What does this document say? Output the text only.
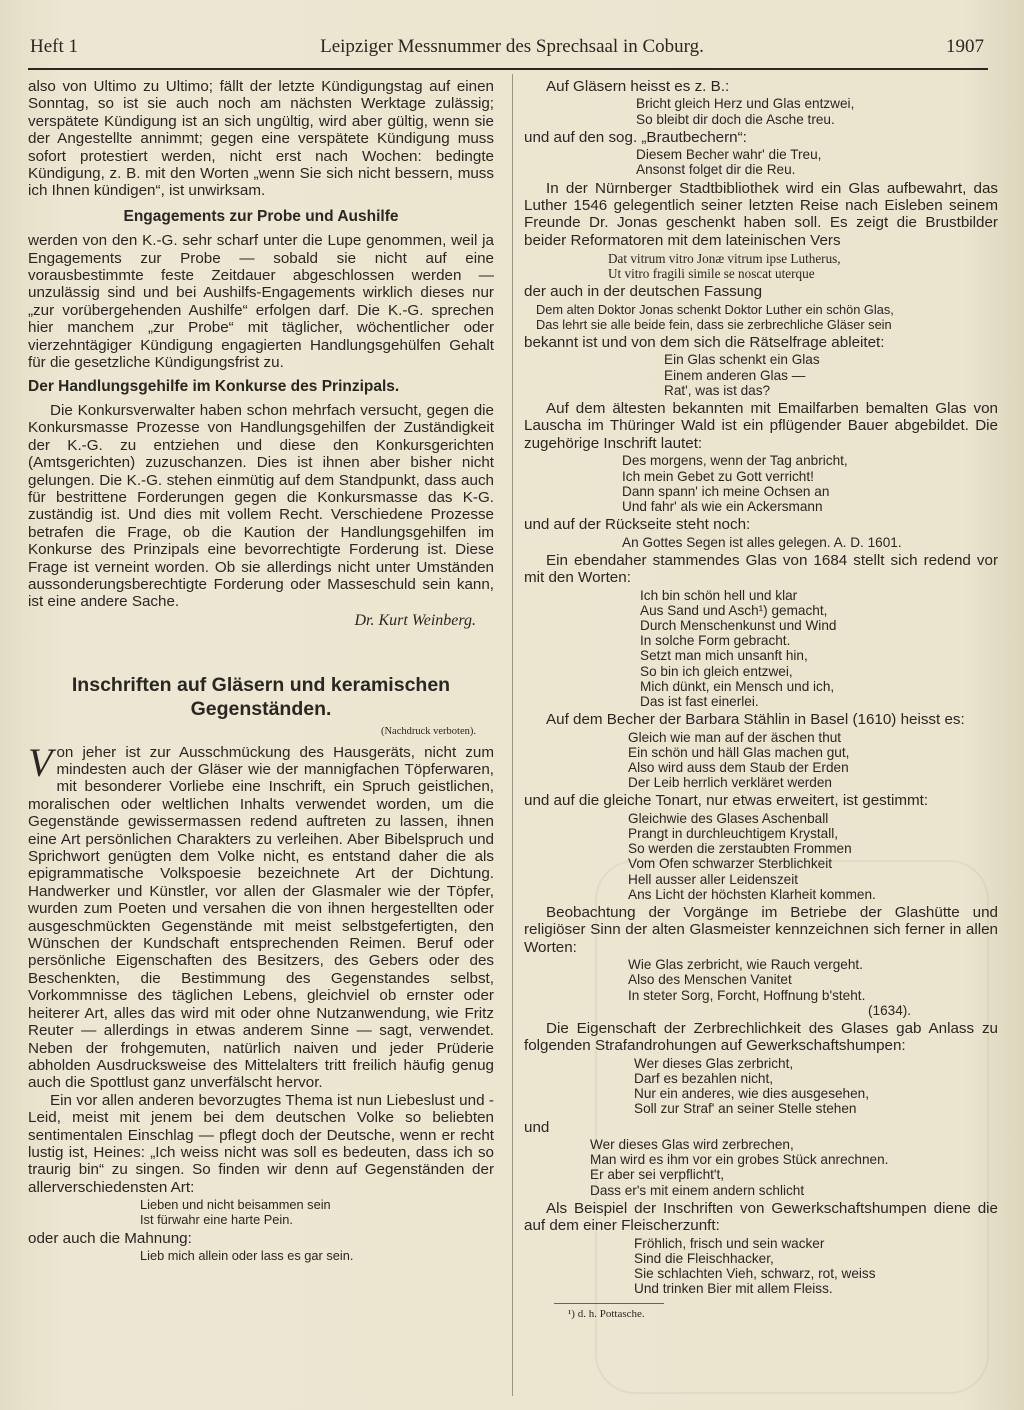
Heft 1	Leipziger Messnummer des Sprechsaal in Coburg.	1907

also von Ultimo zu Ultimo; fällt der letzte Kündigungstag auf einen Sonntag, so ist sie auch noch am nächsten Werktage zulässig; verspätete Kündigung ist an sich ungültig, wird aber gültig, wenn sie der Angestellte annimmt; gegen eine verspätete Kündigung muss sofort protestiert werden, nicht erst nach Wochen: bedingte Kündigung, z. B. mit den Worten „wenn Sie sich nicht bessern, muss ich Ihnen kündigen“, ist unwirksam.

Engagements zur Probe und Aushilfe

werden von den K.-G. sehr scharf unter die Lupe genommen, weil ja Engagements zur Probe — sobald sie nicht auf eine vorausbestimmte feste Zeitdauer abgeschlossen werden — unzulässig sind und bei Aushilfs-Engagements wirklich dieses nur „zur vorübergehenden Aushilfe“ erfolgen darf. Die K.-G. sprechen hier manchem „zur Probe“ mit täglicher, wöchentlicher oder vierzehntägiger Kündigung engagierten Handlungsgehülfen Gehalt für die gesetzliche Kündigungsfrist zu.

Der Handlungsgehilfe im Konkurse des Prinzipals.

Die Konkursverwalter haben schon mehrfach versucht, gegen die Konkursmasse Prozesse von Handlungsgehilfen der Zuständigkeit der K.-G. zu entziehen und diese den Konkursgerichten (Amtsgerichten) zuzuschanzen. Dies ist ihnen aber bisher nicht gelungen. Die K.-G. stehen einmütig auf dem Standpunkt, dass auch für bestrittene Forderungen gegen die Konkursmasse das K-G. zuständig ist. Und dies mit vollem Recht. Verschiedene Prozesse betrafen die Frage, ob die Kaution der Handlungsgehilfen im Konkurse des Prinzipals eine bevorrechtigte Forderung ist. Diese Frage ist verneint worden. Ob sie allerdings nicht unter Umständen aussonderungsberechtigte Forderung oder Masseschuld sein kann, ist eine andere Sache.

Dr. Kurt Weinberg.
Inschriften auf Gläsern und keramischen Gegenständen.
(Nachdruck verboten).

Von jeher ist zur Ausschmückung des Hausgeräts, nicht zum mindesten auch der Gläser wie der mannigfachen Töpferwaren, mit besonderer Vorliebe eine Inschrift, ein Spruch geistlichen, moralischen oder weltlichen Inhalts verwendet worden, um die Gegenstände gewissermassen redend auftreten zu lassen, ihnen eine Art persönlichen Charakters zu verleihen. Aber Bibelspruch und Sprichwort genügten dem Volke nicht, es entstand daher die als epigrammatische Volkspoesie bezeichnete Art der Dichtung. Handwerker und Künstler, vor allen der Glasmaler wie der Töpfer, wurden zum Poeten und versahen die von ihnen hergestellten oder ausgeschmückten Gegenstände mit meist selbstgefertigten, den Wünschen der Kundschaft entsprechenden Reimen. Beruf oder persönliche Eigenschaften des Besitzers, des Gebers oder des Beschenkten, die Bestimmung des Gegenstandes selbst, Vorkommnisse des täglichen Lebens, gleichviel ob ernster oder heiterer Art, alles das wird mit oder ohne Nutzanwendung, wie Fritz Reuter — allerdings in etwas anderem Sinne — sagt, verwendet. Neben der frohgemuten, natürlich naiven und jeder Prüderie abholden Ausdrucksweise des Mittelalters tritt freilich häufig genug auch die Spottlust ganz unverfälscht hervor.

Ein vor allen anderen bevorzugtes Thema ist nun Liebeslust und -Leid, meist mit jenem bei dem deutschen Volke so beliebten sentimentalen Einschlag — pflegt doch der Deutsche, wenn er recht lustig ist, Heines: „Ich weiss nicht was soll es bedeuten, dass ich so traurig bin“ zu singen. So finden wir denn auf Gegenständen der allerverschiedensten Art:

Lieben und nicht beisammen sein
Ist fürwahr eine harte Pein.

oder auch die Mahnung:

Lieb mich allein oder lass es gar sein.

Auf Gläsern heisst es z. B.:

Bricht gleich Herz und Glas entzwei,
So bleibt dir doch die Asche treu.

und auf den sog. „Brautbechern“:

Diesem Becher wahr' die Treu,
Ansonst folget dir die Reu.

In der Nürnberger Stadtbibliothek wird ein Glas aufbewahrt, das Luther 1546 gelegentlich seiner letzten Reise nach Eisleben seinem Freunde Dr. Jonas geschenkt haben soll. Es zeigt die Brustbilder beider Reformatoren mit dem lateinischen Vers

Dat vitrum vitro Jonæ vitrum ipse Lutherus,
Ut vitro fragili simile se noscat uterque

der auch in der deutschen Fassung

Dem alten Doktor Jonas schenkt Doktor Luther ein schön Glas,
Das lehrt sie alle beide fein, dass sie zerbrechliche Gläser sein

bekannt ist und von dem sich die Rätselfrage ableitet:

Ein Glas schenkt ein Glas
Einem anderen Glas —
Rat', was ist das?

Auf dem ältesten bekannten mit Emailfarben bemalten Glas von Lauscha im Thüringer Wald ist ein pflügender Bauer abgebildet. Die zugehörige Inschrift lautet:

Des morgens, wenn der Tag anbricht,
Ich mein Gebet zu Gott verricht!
Dann spann' ich meine Ochsen an
Und fahr' als wie ein Ackersmann

und auf der Rückseite steht noch:

An Gottes Segen ist alles gelegen. A. D. 1601.

Ein ebendaher stammendes Glas von 1684 stellt sich redend vor mit den Worten:

Ich bin schön hell und klar
Aus Sand und Asch¹) gemacht,
Durch Menschenkunst und Wind
In solche Form gebracht.
Setzt man mich unsanft hin,
So bin ich gleich entzwei,
Mich dünkt, ein Mensch und ich,
Das ist fast einerlei.

Auf dem Becher der Barbara Stählin in Basel (1610) heisst es:

Gleich wie man auf der äschen thut
Ein schön und häll Glas machen gut,
Also wird auss dem Staub der Erden
Der Leib herrlich verkläret werden

und auf die gleiche Tonart, nur etwas erweitert, ist gestimmt:

Gleichwie des Glases Aschenball
Prangt in durchleuchtigem Krystall,
So werden die zerstaubten Frommen
Vom Ofen schwarzer Sterblichkeit
Hell ausser aller Leidenszeit
Ans Licht der höchsten Klarheit kommen.

Beobachtung der Vorgänge im Betriebe der Glashütte und religiöser Sinn der alten Glasmeister kennzeichnen sich ferner in allen Worten:

Wie Glas zerbricht, wie Rauch vergeht.
Also des Menschen Vanitet
In steter Sorg, Forcht, Hoffnung b'steht.
(1634).

Die Eigenschaft der Zerbrechlichkeit des Glases gab Anlass zu folgenden Strafandrohungen auf Gewerkschaftshumpen:

Wer dieses Glas zerbricht,
Darf es bezahlen nicht,
Nur ein anderes, wie dies ausgesehen,
Soll zur Straf' an seiner Stelle stehen

und

Wer dieses Glas wird zerbrechen,
Man wird es ihm vor ein grobes Stück anrechnen.
Er aber sei verpflicht't,
Dass er's mit einem andern schlicht

Als Beispiel der Inschriften von Gewerkschaftshumpen diene die auf dem einer Fleischerzunft:

Fröhlich, frisch und sein wacker
Sind die Fleischhacker,
Sie schlachten Vieh, schwarz, rot, weiss
Und trinken Bier mit allem Fleiss.
¹) d. h. Pottasche.
